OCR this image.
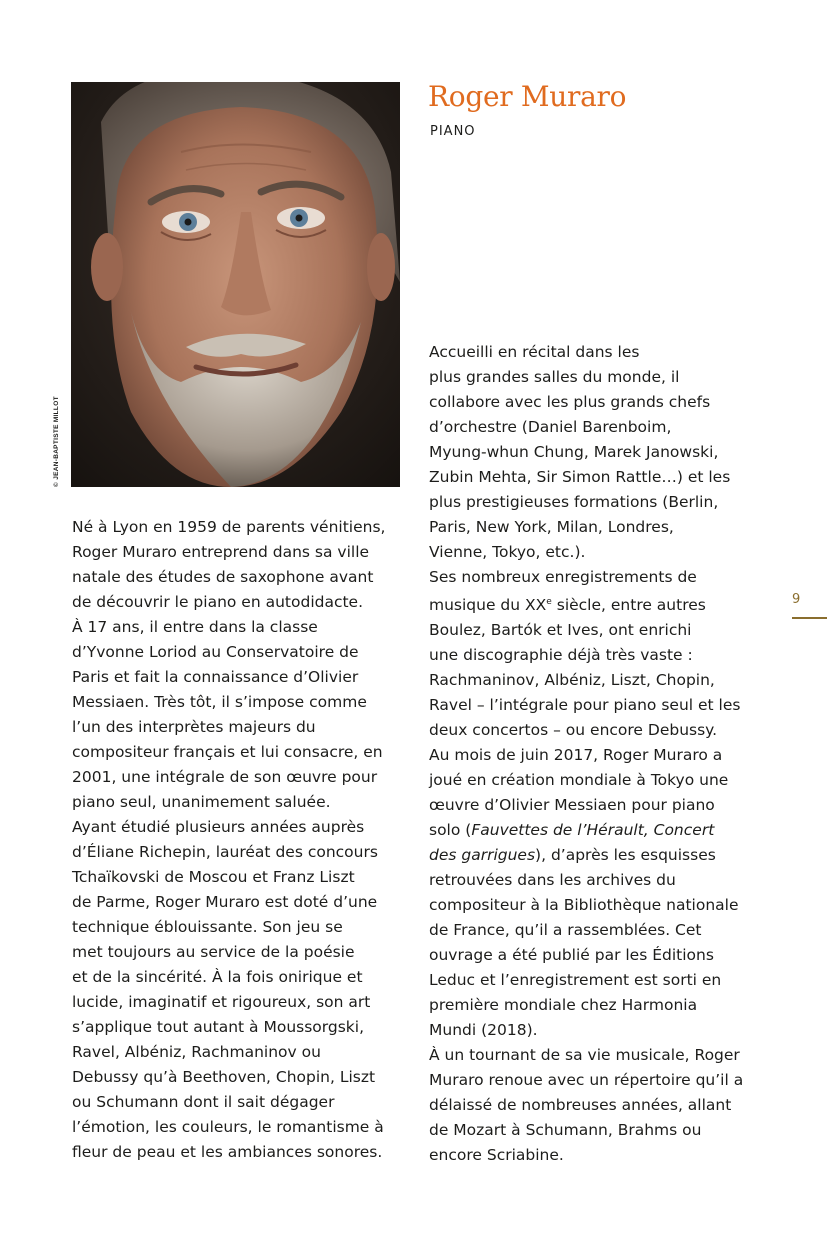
© JEAN-BAPTISTE MILLOT
Roger Muraro
PIANO

Né à Lyon en 1959 de parents vénitiens,

Roger Muraro entreprend dans sa ville

natale des études de saxophone avant

de découvrir le piano en autodidacte.

À 17 ans, il entre dans la classe

d’Yvonne Loriod au Conservatoire de

Paris et fait la connaissance d’Olivier

Messiaen. Très tôt, il s’impose comme

l’un des interprètes majeurs du

compositeur français et lui consacre, en

2001, une intégrale de son œuvre pour

piano seul, unanimement saluée.

Ayant étudié plusieurs années auprès

d’Éliane Richepin, lauréat des concours

Tchaïkovski de Moscou et Franz Liszt

de Parme, Roger Muraro est doté d’une

technique éblouissante. Son jeu se

met toujours au service de la poésie

et de la sincérité. À la fois onirique et

lucide, imaginatif et rigoureux, son art

s’applique tout autant à Moussorgski,

Ravel, Albéniz, Rachmaninov ou

Debussy qu’à Beethoven, Chopin, Liszt

ou Schumann dont il sait dégager

l’émotion, les couleurs, le romantisme à

fleur de peau et les ambiances sonores.

Accueilli en récital dans les

plus grandes salles du monde, il

collabore avec les plus grands chefs

d’orchestre (Daniel Barenboim,

Myung-whun Chung, Marek Janowski,

Zubin Mehta, Sir Simon Rattle…) et les

plus prestigieuses formations (Berlin,

Paris, New York, Milan, Londres,

Vienne, Tokyo, etc.).

Ses nombreux enregistrements de

musique du XXe siècle, entre autres

Boulez, Bartók et Ives, ont enrichi

une discographie déjà très vaste :

Rachmaninov, Albéniz, Liszt, Chopin,

Ravel – l’intégrale pour piano seul et les

deux concertos – ou encore Debussy.

Au mois de juin 2017, Roger Muraro a

joué en création mondiale à Tokyo une

œuvre d’Olivier Messiaen pour piano

solo (Fauvettes de l’Hérault, Concert

des garrigues), d’après les esquisses

retrouvées dans les archives du

compositeur à la Bibliothèque nationale

de France, qu’il a rassemblées. Cet

ouvrage a été publié par les Éditions

Leduc et l’enregistrement est sorti en

première mondiale chez Harmonia

Mundi (2018).

À un tournant de sa vie musicale, Roger

Muraro renoue avec un répertoire qu’il a

délaissé de nombreuses années, allant

de Mozart à Schumann, Brahms ou

encore Scriabine.

9
